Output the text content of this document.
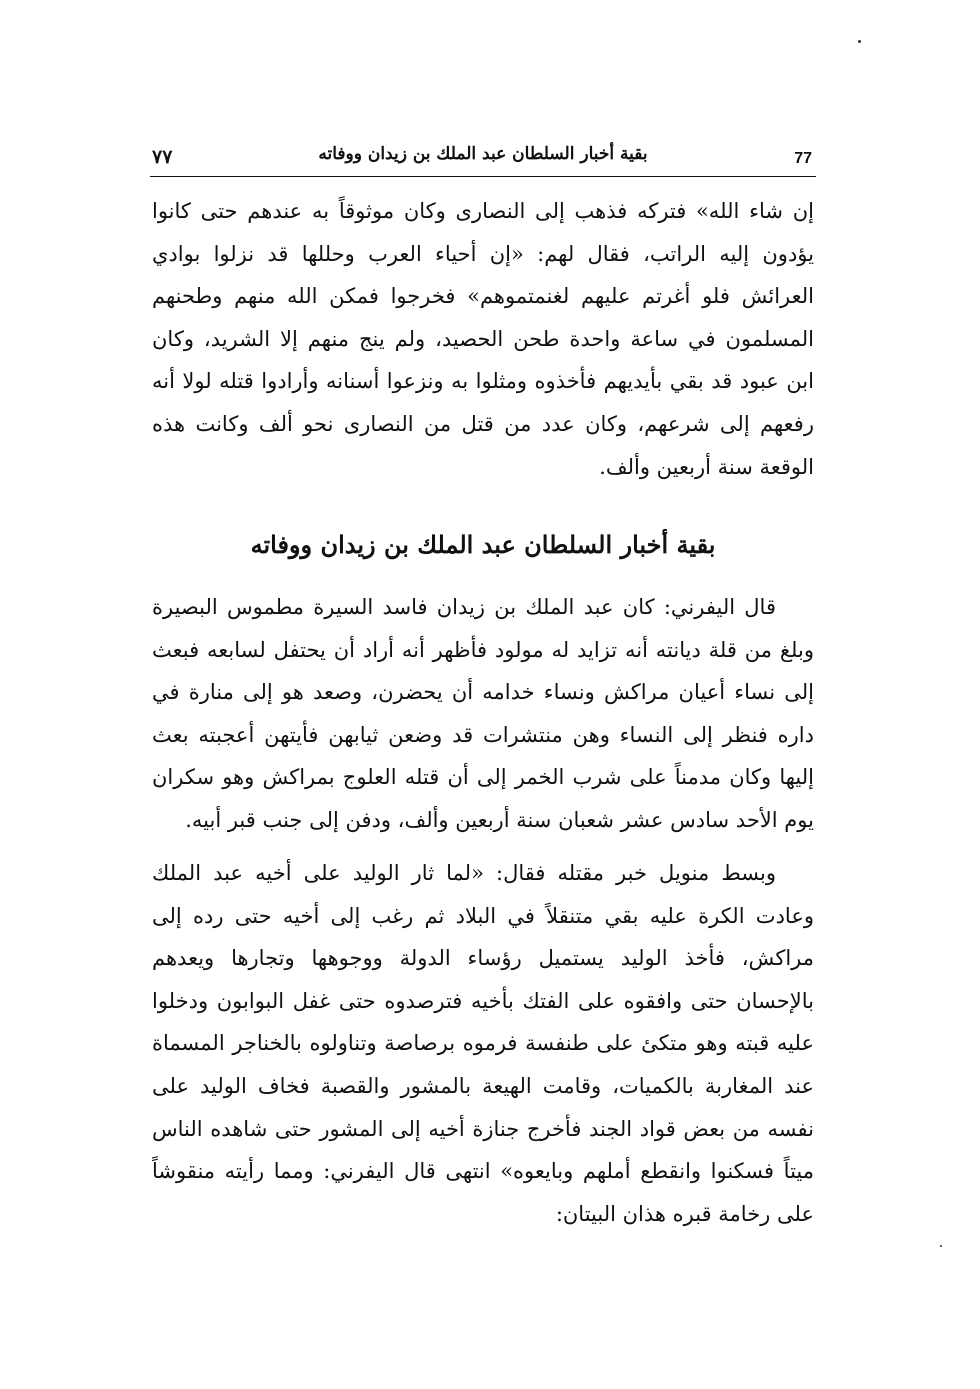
٧٧	بقية أخبار السلطان عبد الملك بن زيدان ووفاته	77
إن شاء الله» فتركه فذهب إلى النصارى وكان موثوقاً به عندهم حتى كانوا
يؤدون إليه الراتب، فقال لهم: «إن أحياء العرب وحللها قد نزلوا بوادي
العرائش فلو أغرتم عليهم لغنمتموهم» فخرجوا فمكن الله منهم وطحنهم
المسلمون في ساعة واحدة طحن الحصيد، ولم ينج منهم إلا الشريد، وكان
ابن عبود قد بقي بأيديهم فأخذوه ومثلوا به ونزعوا أسنانه وأرادوا قتله لولا أنه
رفعهم إلى شرعهم، وكان عدد من قتل من النصارى نحو ألف وكانت هذه
الوقعة سنة أربعين وألف.
بقية أخبار السلطان عبد الملك بن زيدان ووفاته
قال اليفرني: كان عبد الملك بن زيدان فاسد السيرة مطموس البصيرة
وبلغ من قلة ديانته أنه تزايد له مولود فأظهر أنه أراد أن يحتفل لسابعه فبعث
إلى نساء أعيان مراكش ونساء خدامه أن يحضرن، وصعد هو إلى منارة في
داره فنظر إلى النساء وهن منتشرات قد وضعن ثيابهن فأيتهن أعجبته بعث
إليها وكان مدمناً على شرب الخمر إلى أن قتله العلوج بمراكش وهو سكران
يوم الأحد سادس عشر شعبان سنة أربعين وألف، ودفن إلى جنب قبر أبيه.
وبسط منويل خبر مقتله فقال: «لما ثار الوليد على أخيه عبد الملك
وعادت الكرة عليه بقي متنقلاً في البلاد ثم رغب إلى أخيه حتى رده إلى
مراكش، فأخذ الوليد يستميل رؤساء الدولة ووجوهها وتجارها ويعدهم
بالإحسان حتى وافقوه على الفتك بأخيه فترصدوه حتى غفل البوابون ودخلوا
عليه قبته وهو متكئ على طنفسة فرموه برصاصة وتناولوه بالخناجر المسماة
عند المغاربة بالكميات، وقامت الهيعة بالمشور والقصبة فخاف الوليد على
نفسه من بعض قواد الجند فأخرج جنازة أخيه إلى المشور حتى شاهده الناس
ميتاً فسكنوا وانقطع أملهم وبايعوه» انتهى قال اليفرني: ومما رأيته منقوشاً
على رخامة قبره هذان البيتان:
